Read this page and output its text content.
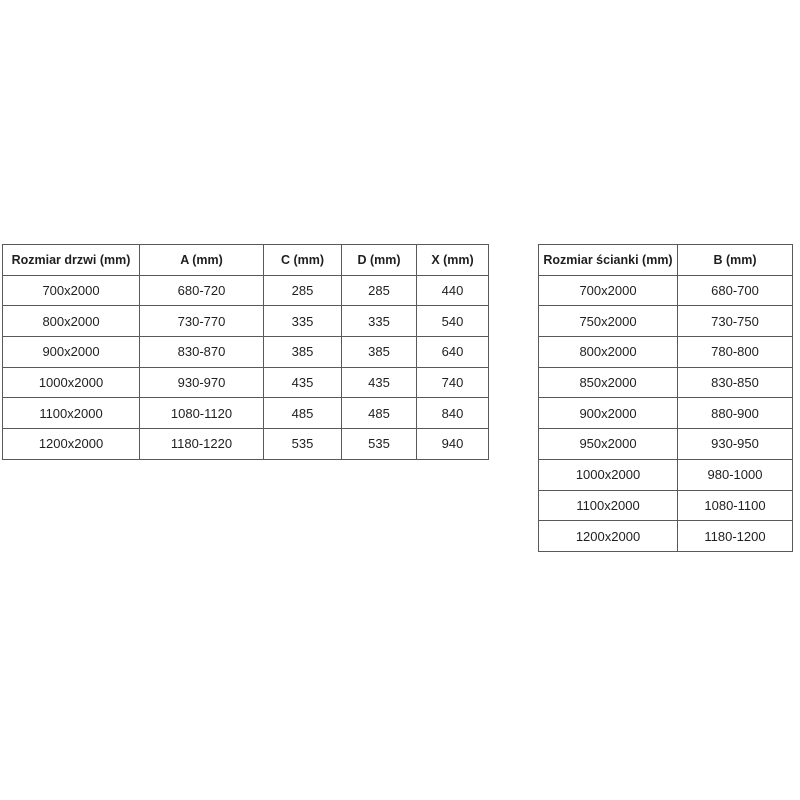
Rozmiar drzwi (mm)	A (mm)	C (mm)	D (mm)	X (mm)
700x2000	680-720	285	285	440
800x2000	730-770	335	335	540
900x2000	830-870	385	385	640
1000x2000	930-970	435	435	740
1100x2000	1080-1120	485	485	840
1200x2000	1180-1220	535	535	940
Rozmiar ścianki (mm)	B (mm)
700x2000	680-700
750x2000	730-750
800x2000	780-800
850x2000	830-850
900x2000	880-900
950x2000	930-950
1000x2000	980-1000
1100x2000	1080-1100
1200x2000	1180-1200
